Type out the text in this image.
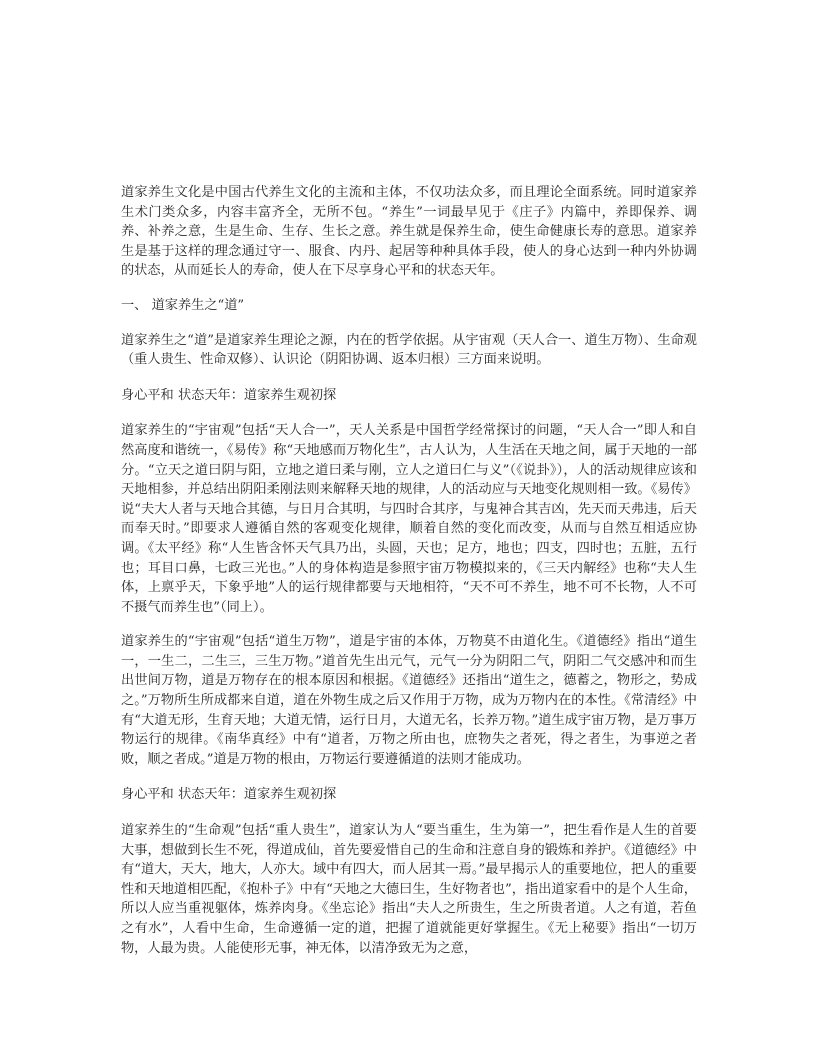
道家养生文化是中国古代养生文化的主流和主体，不仅功法众多，而且理论全面系统。同时道家养生术门类众多，内容丰富齐全，无所不包。“养生”一词最早见于《庄子》内篇中，养即保养、调养、补养之意，生是生命、生存、生长之意。养生就是保养生命，使生命健康长寿的意思。道家养生是基于这样的理念通过守一、服食、内丹、起居等种种具体手段，使人的身心达到一种内外协调的状态，从而延长人的寿命，使人在下尽享身心平和的状态天年。

一、 道家养生之“道”

道家养生之“道”是道家养生理论之源，内在的哲学依据。从宇宙观（天人合一、道生万物）、生命观（重人贵生、性命双修）、认识论（阴阳协调、返本归根）三方面来说明。

身心平和 状态天年：道家养生观初探

道家养生的“宇宙观”包括“天人合一”，天人关系是中国哲学经常探讨的问题，“天人合一”即人和自然高度和谐统一，《易传》称“天地感而万物化生”，古人认为，人生活在天地之间，属于天地的一部分。“立天之道曰阴与阳，立地之道曰柔与刚，立人之道曰仁与义”（《说卦》），人的活动规律应该和天地相参，并总结出阴阳柔刚法则来解释天地的规律，人的活动应与天地变化规则相一致。《易传》说“夫大人者与天地合其德，与日月合其明，与四时合其序，与鬼神合其吉凶，先天而天弗违，后天而奉天时。”即要求人遵循自然的客观变化规律，顺着自然的变化而改变，从而与自然互相适应协调。《太平经》称“人生皆含怀天气具乃出，头圆，天也；足方，地也；四支，四时也；五脏，五行也；耳目口鼻，七政三光也。”人的身体构造是参照宇宙万物模拟来的，《三天内解经》也称“夫人生体，上禀乎天，下象乎地”人的运行规律都要与天地相符，“天不可不养生，地不可不长物，人不可不摄气而养生也”（同上）。

道家养生的“宇宙观”包括“道生万物”，道是宇宙的本体，万物莫不由道化生。《道德经》指出“道生一，一生二，二生三，三生万物。”道首先生出元气，元气一分为阴阳二气，阴阳二气交感冲和而生出世间万物，道是万物存在的根本原因和根据。《道德经》还指出“道生之，德蓄之，物形之，势成之。”万物所生所成都来自道，道在外物生成之后又作用于万物，成为万物内在的本性。《常清经》中有“大道无形，生育天地；大道无情，运行日月，大道无名，长养万物。”道生成宇宙万物，是万事万物运行的规律。《南华真经》中有“道者，万物之所由也，庶物失之者死，得之者生，为事逆之者败，顺之者成。”道是万物的根由，万物运行要遵循道的法则才能成功。

身心平和 状态天年：道家养生观初探

道家养生的“生命观”包括“重人贵生”，道家认为人“要当重生，生为第一”，把生看作是人生的首要大事，想做到长生不死，得道成仙，首先要爱惜自己的生命和注意自身的锻炼和养护。《道德经》中有“道大，天大，地大，人亦大。域中有四大，而人居其一焉。”最早揭示人的重要地位，把人的重要性和天地道相匹配，《抱朴子》中有“天地之大德曰生，生好物者也”，指出道家看中的是个人生命，所以人应当重视躯体，炼养肉身。《坐忘论》指出“夫人之所贵生，生之所贵者道。人之有道，若鱼之有水”，人看中生命，生命遵循一定的道，把握了道就能更好掌握生。《无上秘要》指出“一切万物，人最为贵。人能使形无事，神无体，以清净致无为之意，
